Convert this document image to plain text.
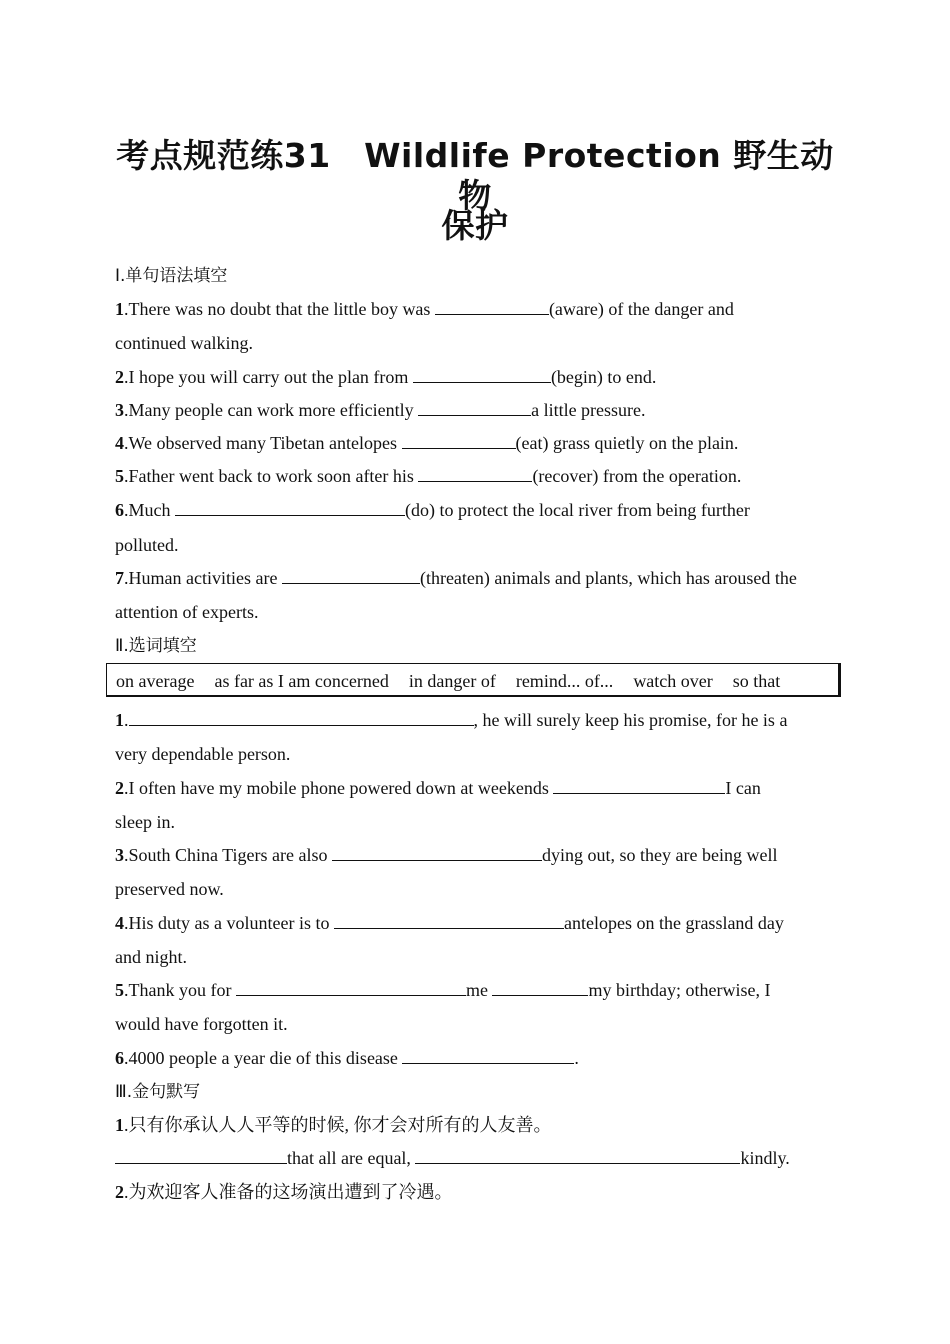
考点规范练31　Wildlife Protection 野生动物
保护
Ⅰ.单句语法填空
1.There was no doubt that the little boy was	(aware) of the danger and
continued walking.
2.I hope you will carry out the plan from	(begin) to end.
3.Many people can work more efficiently	a little pressure.
4.We observed many Tibetan antelopes	(eat) grass quietly on the plain.
5.Father went back to work soon after his	(recover) from the operation.
6.Much	(do) to protect the local river from being further
polluted.
7.Human activities are	(threaten) animals and plants, which has aroused the
attention of experts.
Ⅱ.选词填空
on average as far as I am concerned in danger of remind... of... watch over so that
1.	, he will surely keep his promise, for he is a
very dependable person.
2.I often have my mobile phone powered down at weekends	I can
sleep in.
3.South China Tigers are also	dying out, so they are being well
preserved now.
4.His duty as a volunteer is to	antelopes on the grassland day
and night.
5.Thank you for	me	my birthday; otherwise, I
would have forgotten it.
6.4000 people a year die of this disease	.
Ⅲ.金句默写
1.只有你承认人人平等的时候, 你才会对所有的人友善。
that all are equal,	kindly.
2.为欢迎客人准备的这场演出遭到了冷遇。
